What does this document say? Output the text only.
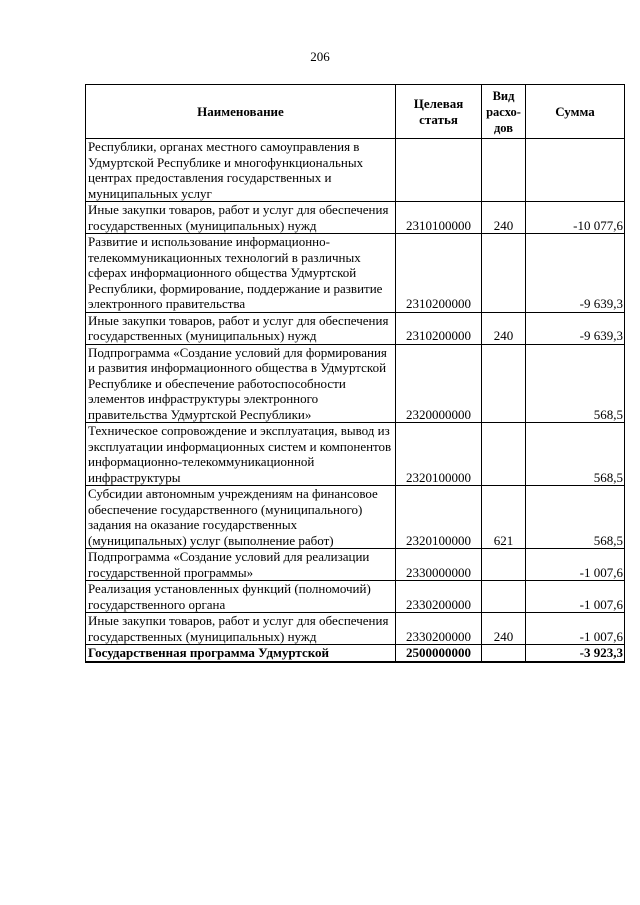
206
Наименование	Целевая статья	Вид расхо-дов	Сумма
Республики, органах местного самоуправления в Удмуртской Республике и многофункциональных центрах предоставления государственных и муниципальных услуг			
Иные закупки товаров, работ и услуг для обеспечения государственных (муниципальных) нужд	2310100000	240	-10 077,6
Развитие и использование информационно-телекоммуникационных технологий в различных сферах информационного общества Удмуртской Республики, формирование, поддержание и развитие электронного правительства	2310200000		-9 639,3
Иные закупки товаров, работ и услуг для обеспечения государственных (муниципальных) нужд	2310200000	240	-9 639,3
Подпрограмма «Создание условий для формирования и развития информационного общества в Удмуртской Республике и обеспечение работоспособности элементов инфраструктуры электронного правительства Удмуртской Республики»	2320000000		568,5
Техническое сопровождение и эксплуатация, вывод из эксплуатации информационных систем и компонентов информационно-телекоммуникационной инфраструктуры	2320100000		568,5
Субсидии автономным учреждениям на финансовое обеспечение государственного (муниципального) задания на оказание государственных (муниципальных) услуг (выполнение работ)	2320100000	621	568,5
Подпрограмма «Создание условий для реализации государственной программы»	2330000000		-1 007,6
Реализация установленных функций (полномочий) государственного органа	2330200000		-1 007,6
Иные закупки товаров, работ и услуг для обеспечения государственных (муниципальных) нужд	2330200000	240	-1 007,6
Государственная программа Удмуртской	2500000000		-3 923,3
